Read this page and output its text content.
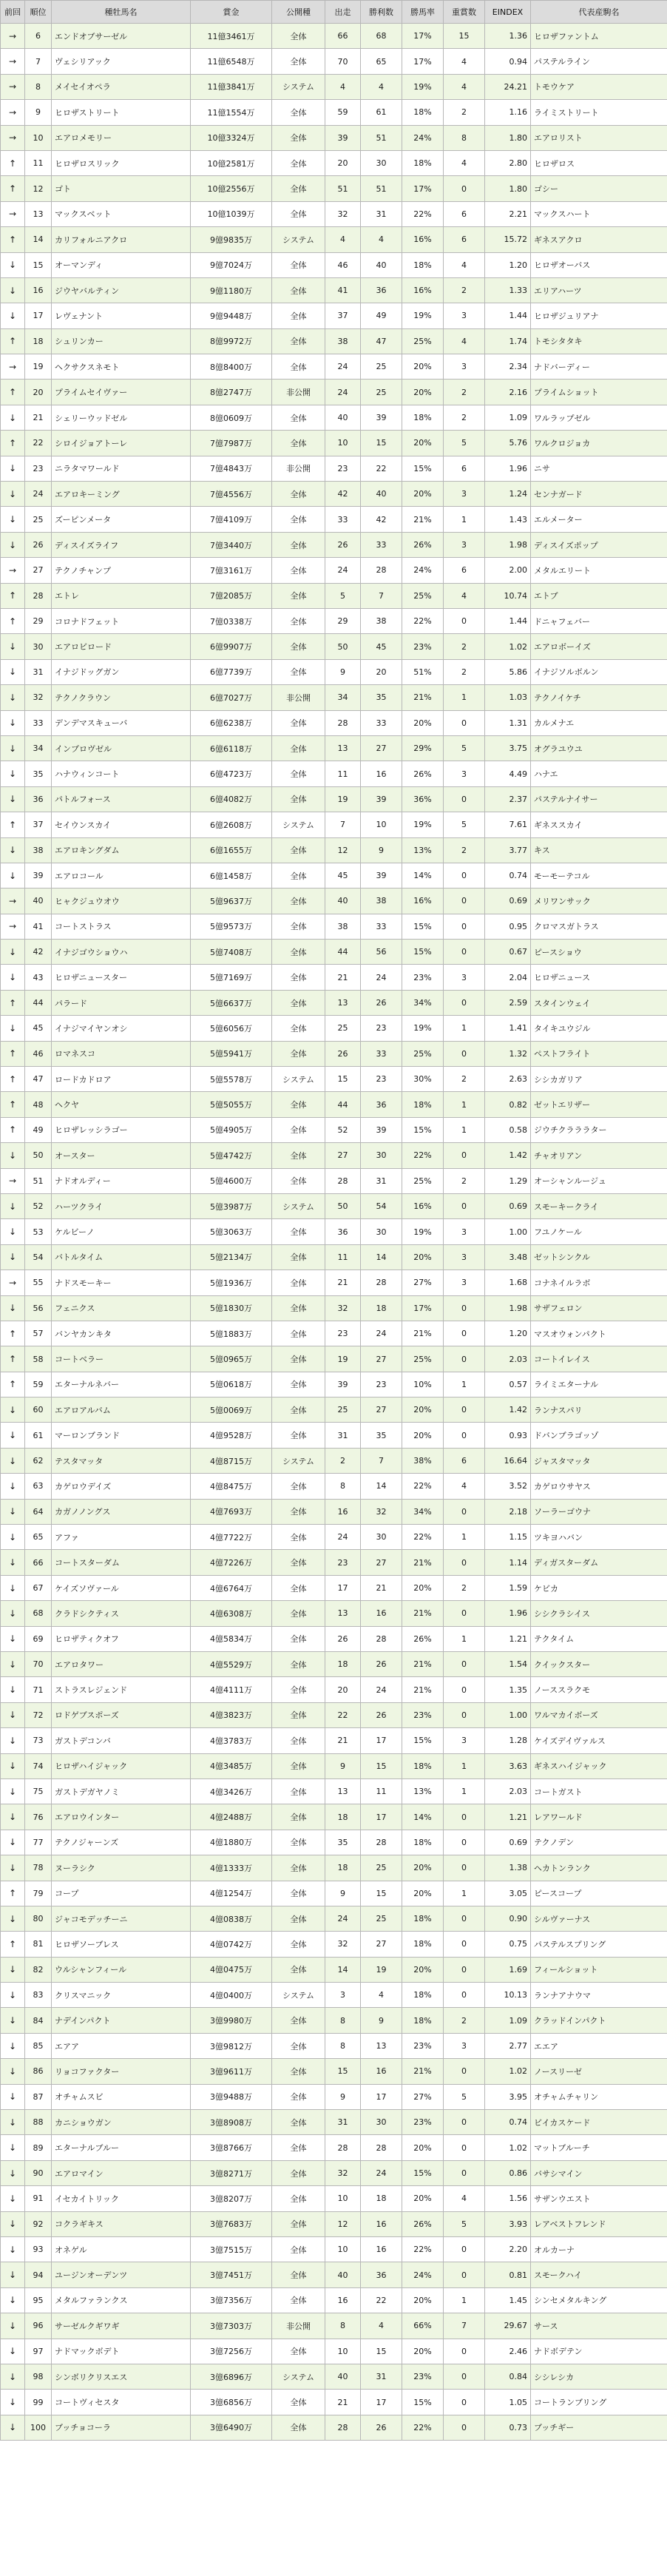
前回	順位	種牡馬名	賞金	公開種	出走	勝利数	勝馬率	重賞数	EINDEX	代表産駒名
→	6	エンドオブサーゼル	11億3461万	全体	66	68	17%	15	1.36	ヒロザファントム
→	7	ヴェシリアック	11億6548万	全体	70	65	17%	4	0.94	パステルライン
→	8	メイセイオペラ	11億3841万	システム	4	4	19%	4	24.21	トモウケア
→	9	ヒロザストリート	11億1554万	全体	59	61	18%	2	1.16	ライミストリート
→	10	エアロメモリー	10億3324万	全体	39	51	24%	8	1.80	エアロリスト
↑	11	ヒロザロスリック	10億2581万	全体	20	30	18%	4	2.80	ヒロザロス
↑	12	ゴト	10億2556万	全体	51	51	17%	0	1.80	ゴシー
→	13	マックスベット	10億1039万	全体	32	31	22%	6	2.21	マックスハート
↑	14	カリフォルニアクロ	9億9835万	システム	4	4	16%	6	15.72	ギネスアクロ
↓	15	オーマンディ	9億7024万	全体	46	40	18%	4	1.20	ヒロザオーバス
↓	16	ジウヤバルティン	9億1180万	全体	41	36	16%	2	1.33	エリアハーツ
↓	17	レヴェナント	9億9448万	全体	37	49	19%	3	1.44	ヒロザジュリアナ
↑	18	シュリンカー	8億9972万	全体	38	47	25%	4	1.74	トモシタタキ
→	19	ヘクサクスネモト	8億8400万	全体	24	25	20%	3	2.34	ナドバーディー
↑	20	プライムセイヴァー	8億2747万	非公開	24	25	20%	2	2.16	プライムショット
↓	21	シェリーウッドゼル	8億0609万	全体	40	39	18%	2	1.09	ワルラップゼル
↑	22	シロイジョアトーレ	7億7987万	全体	10	15	20%	5	5.76	ワルクロジョカ
↓	23	ニラタマワールド	7億4843万	非公開	23	22	15%	6	1.96	ニサ
↓	24	エアロキーミング	7億4556万	全体	42	40	20%	3	1.24	センナガード
↓	25	ズーピンメータ	7億4109万	全体	33	42	21%	1	1.43	エルメーター
↓	26	ディスイズライフ	7億3440万	全体	26	33	26%	3	1.98	ディスイズポップ
→	27	テクノチャンプ	7億3161万	全体	24	28	24%	6	2.00	メタルエリート
↑	28	エトレ	7億2085万	全体	5	7	25%	4	10.74	エトブ
↑	29	コロナドフェット	7億0338万	全体	29	38	22%	0	1.44	ドニャフェバー
↓	30	エアロビロード	6億9907万	全体	50	45	23%	2	1.02	エアロボーイズ
↓	31	イナジドッグガン	6億7739万	全体	9	20	51%	2	5.86	イナジソルボルン
↓	32	テクノクラウン	6億7027万	非公開	34	35	21%	1	1.03	テクノイケチ
↓	33	デンデマスキューバ	6億6238万	全体	28	33	20%	0	1.31	カルメナエ
↓	34	インプロヴゼル	6億6118万	全体	13	27	29%	5	3.75	オグラユウユ
↓	35	ハナウィンコート	6億4723万	全体	11	16	26%	3	4.49	ハナエ
↓	36	パトルフォース	6億4082万	全体	19	39	36%	0	2.37	パステルナイサー
↑	37	セイウンスカイ	6億2608万	システム	7	10	19%	5	7.61	ギネススカイ
↓	38	エアロキングダム	6億1655万	全体	12	9	13%	2	3.77	キス
↓	39	エアロコール	6億1458万	全体	45	39	14%	0	0.74	モーモーテコル
→	40	ヒャクジュウオウ	5億9637万	全体	40	38	16%	0	0.69	メリワンサック
→	41	コートストラス	5億9573万	全体	38	33	15%	0	0.95	クロマスガトラス
↓	42	イナジゴウショウハ	5億7408万	全体	44	56	15%	0	0.67	ピースショウ
↓	43	ヒロザニュースター	5億7169万	全体	21	24	23%	3	2.04	ヒロザニュース
↑	44	パラード	5億6637万	全体	13	26	34%	0	2.59	スタインウェイ
↓	45	イナジマイヤンオシ	5億6056万	全体	25	23	19%	1	1.41	タイキユウジル
↑	46	ロマネスコ	5億5941万	全体	26	33	25%	0	1.32	ペストフライト
↑	47	ロードカドロア	5億5578万	システム	15	23	30%	2	2.63	シシカガリア
↑	48	ヘクヤ	5億5055万	全体	44	36	18%	1	0.82	ゼットエリザー
↑	49	ヒロザレッシラゴー	5億4905万	全体	52	39	15%	1	0.58	ジウチクラララター
↓	50	オースター	5億4742万	全体	27	30	22%	0	1.42	チャオリアン
→	51	ナドオルディー	5億4600万	全体	28	31	25%	2	1.29	オーシャンルージュ
↓	52	ハーツクライ	5億3987万	システム	50	54	16%	0	0.69	スモーキークライ
↓	53	ケルビーノ	5億3063万	全体	36	30	19%	3	1.00	フユノケール
↓	54	バトルタイム	5億2134万	全体	11	14	20%	3	3.48	ゼットシンクル
→	55	ナドスモーキー	5億1936万	全体	21	28	27%	3	1.68	コナネイルラボ
↓	56	フェニクス	5億1830万	全体	32	18	17%	0	1.98	サザフェロン
↑	57	バンヤカンキタ	5億1883万	全体	23	24	21%	0	1.20	マスオウォンパクト
↑	58	コートベラー	5億0965万	全体	19	27	25%	0	2.03	コートイレイス
↑	59	エターナルネバー	5億0618万	全体	39	23	10%	1	0.57	ライミエターナル
↓	60	エアロアルバム	5億0069万	全体	25	27	20%	0	1.42	ランナスパリ
↓	61	マーロンブランド	4億9528万	全体	31	35	20%	0	0.93	ドバンブラゴッゾ
↓	62	テスタマッタ	4億8715万	システム	2	7	38%	6	16.64	ジャスタマッタ
↓	63	カゲロウデイズ	4億8475万	全体	8	14	22%	4	3.52	カゲロウサヤス
↓	64	カガノノングス	4億7693万	全体	16	32	34%	0	2.18	ソーラーゴウナ
↓	65	アファ	4億7722万	全体	24	30	22%	1	1.15	ツキヨハバン
↓	66	コートスターダム	4億7226万	全体	23	27	21%	0	1.14	ディガスターダム
↓	67	ケイズソヴァール	4億6764万	全体	17	21	20%	2	1.59	ケビカ
↓	68	クラドシクティス	4億6308万	全体	13	16	21%	0	1.96	シシクラシイス
↓	69	ヒロザティクオフ	4億5834万	全体	26	28	26%	1	1.21	テクタイム
↓	70	エアロタワー	4億5529万	全体	18	26	21%	0	1.54	クイックスター
↓	71	ストラスレジェンド	4億4111万	全体	20	24	21%	0	1.35	ノーススラクモ
↓	72	ロドゲブスポーズ	4億3823万	全体	22	26	23%	0	1.00	ワルマカイボーズ
↓	73	ガストデコンバ	4億3783万	全体	21	17	15%	3	1.28	ケイズデイヴァルス
↓	74	ヒロザハイジャック	4億3485万	全体	9	15	18%	1	3.63	ギネスハイジャック
↓	75	ガストデガヤノミ	4億3426万	全体	13	11	13%	1	2.03	コートガスト
↓	76	エアロウインター	4億2488万	全体	18	17	14%	0	1.21	レアワールド
↓	77	テクノジャーンズ	4億1880万	全体	35	28	18%	0	0.69	テクノデン
↓	78	ヌーラシク	4億1333万	全体	18	25	20%	0	1.38	ヘカトンランク
↑	79	コープ	4億1254万	全体	9	15	20%	1	3.05	ピースコープ
↓	80	ジャコモデッチーニ	4億0838万	全体	24	25	18%	0	0.90	シルヴァーナス
↑	81	ヒロザソーブレス	4億0742万	全体	32	27	18%	0	0.75	パステルスプリング
↓	82	ウルシャンフィール	4億0475万	全体	14	19	20%	0	1.69	フィールショット
↓	83	クリスマニック	4億0400万	システム	3	4	18%	0	10.13	ランナアナウマ
↓	84	ナデインパクト	3億9980万	全体	8	9	18%	2	1.09	クラッドインパクト
↓	85	エアア	3億9812万	全体	8	13	23%	3	2.77	エエア
↓	86	リョコファクター	3億9611万	全体	15	16	21%	0	1.02	ノースリーゼ
↓	87	オチャムスビ	3億9488万	全体	9	17	27%	5	3.95	オチャムチャリン
↓	88	カニショウガン	3億8908万	全体	31	30	23%	0	0.74	ビイカスケード
↓	89	エターナルブルー	3億8766万	全体	28	28	20%	0	1.02	マットブルーチ
↓	90	エアロマイン	3億8271万	全体	32	24	15%	0	0.86	バサシマイン
↓	91	イセカイトリック	3億8207万	全体	10	18	20%	4	1.56	サザンウエスト
↓	92	コクラギキス	3億7683万	全体	12	16	26%	5	3.93	レアベストフレンド
↓	93	オネゲル	3億7515万	全体	10	16	22%	0	2.20	オルカーナ
↓	94	ユージンオーデンツ	3億7451万	全体	40	36	24%	0	0.81	スモークハイ
↓	95	メタルファランクス	3億7356万	全体	16	22	20%	1	1.45	シンセメタルキング
↓	96	サーゼルクギワギ	3億7303万	非公開	8	4	66%	7	29.67	サース
↓	97	ナドマックボデト	3億7256万	全体	10	15	20%	0	2.46	ナドボデテン
↓	98	シンボリクリスエス	3億6896万	システム	40	31	23%	0	0.84	シシレシカ
↓	99	コートヴィセスタ	3億6856万	全体	21	17	15%	0	1.05	コートランブリング
↓	100	ブッチョコーラ	3億6490万	全体	28	26	22%	0	0.73	ブッチギー
